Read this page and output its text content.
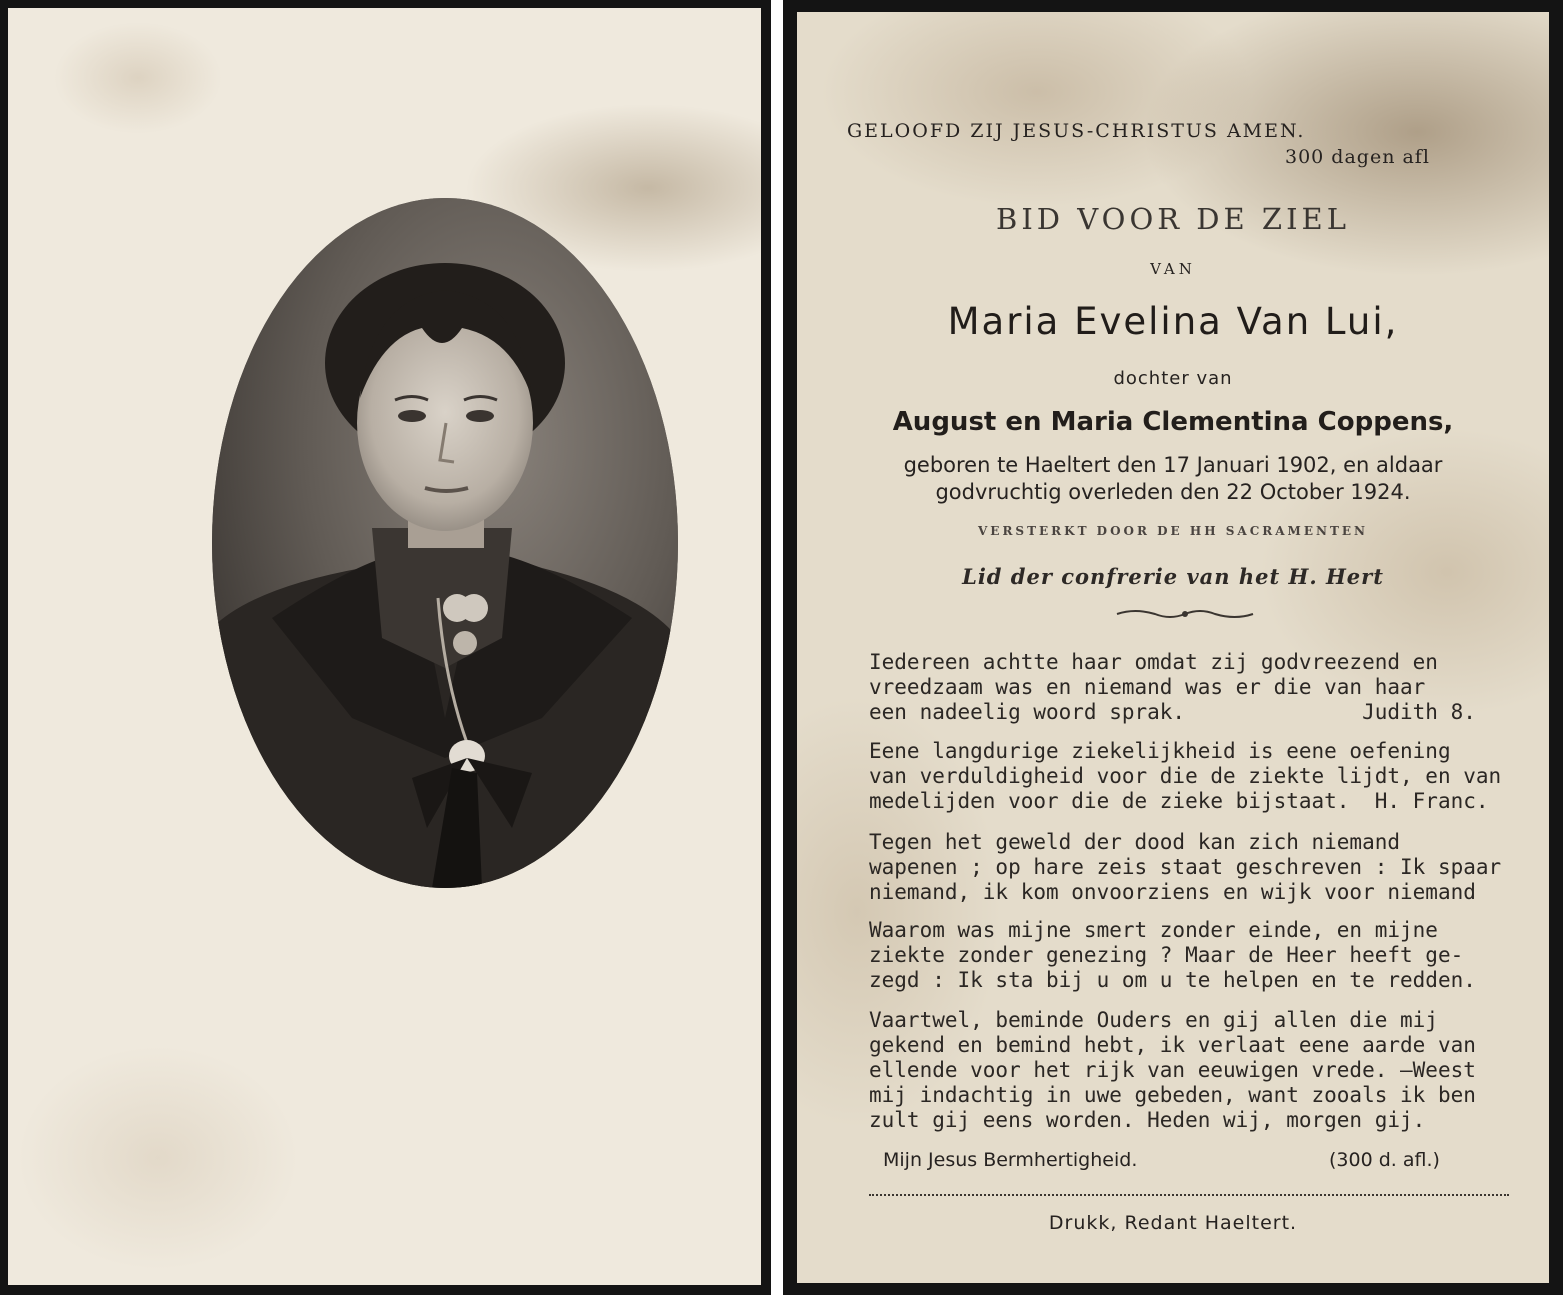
GELOOFD ZIJ JESUS-CHRISTUS AMEN.
300 dagen afl
BID VOOR DE ZIEL
VAN
Maria Evelina Van Lui,
dochter van
August en Maria Clementina Coppens,
geboren te Haeltert den 17 Januari 1902, en aldaar
godvruchtig overleden den 22 October 1924.
VERSTERKT DOOR DE HH SACRAMENTEN
Lid der confrerie van het H. Hert
Iedereen achtte haar omdat zij godvreezend en
vreedzaam was en niemand was er die van haar
een nadeelig woord sprak.              Judith 8.
Eene langdurige ziekelijkheid is eene oefening
van verduldigheid voor die de ziekte lijdt, en van
medelijden voor die de zieke bijstaat.  H. Franc.
Tegen het geweld der dood kan zich niemand
wapenen ; op hare zeis staat geschreven : Ik spaar
niemand, ik kom onvoorziens en wijk voor niemand
Waarom was mijne smert zonder einde, en mijne
ziekte zonder genezing ? Maar de Heer heeft ge-
zegd : Ik sta bij u om u te helpen en te redden.
Vaartwel, beminde Ouders en gij allen die mij
gekend en bemind hebt, ik verlaat eene aarde van
ellende voor het rijk van eeuwigen vrede. —Weest
mij indachtig in uwe gebeden, want zooals ik ben
zult gij eens worden. Heden wij, morgen gij.
Mijn Jesus Bermhertigheid.	(300 d. afl.)
Drukk, Redant Haeltert.
